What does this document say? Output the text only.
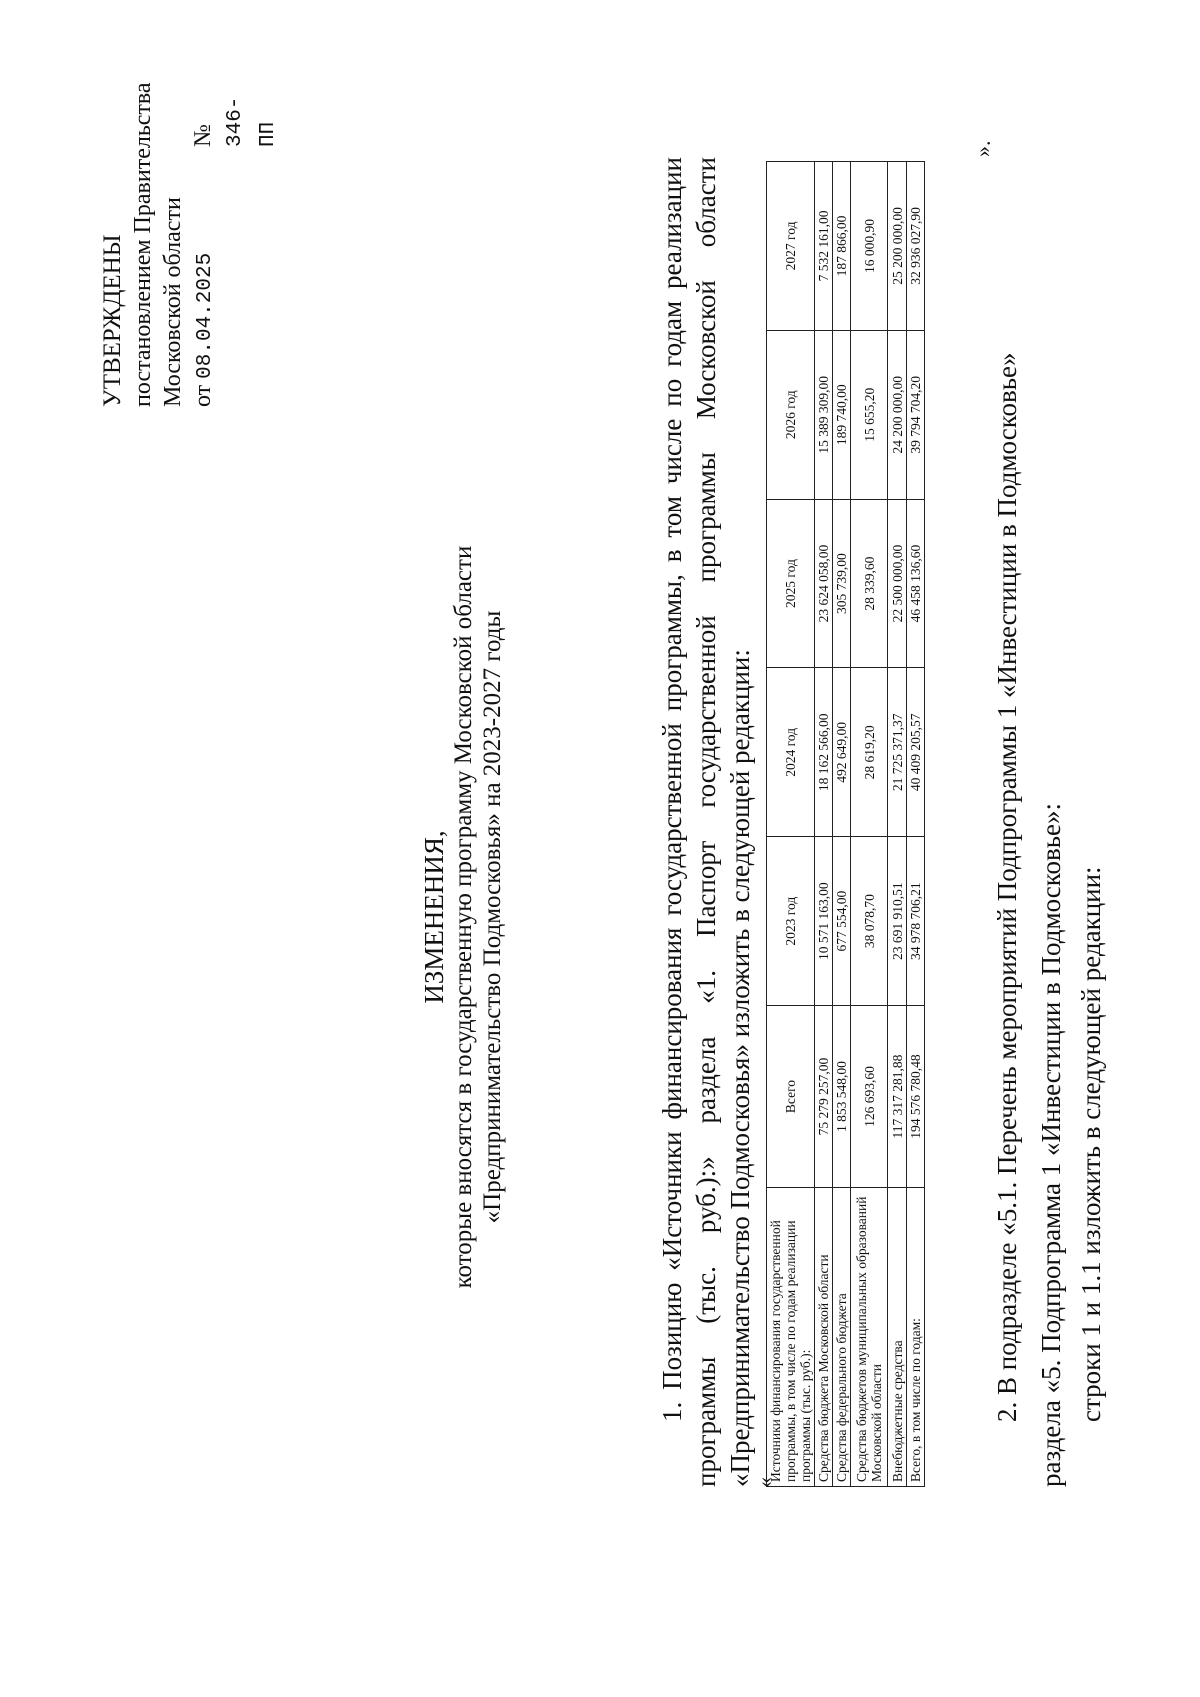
УТВЕРЖДЕНЫ постановлением Правительства Московской области от 08.04.2025
№ 346-ПП
ИЗМЕНЕНИЯ, которые вносятся в государственную программу Московской области «Предпринимательство Подмосковья» на 2023-2027 годы	1. Позицию «Источники финансирования государственной программы, в том числе по годам реализации программы (тыс. руб.):» раздела «1. Паспорт государственной программы Московской области «Предпринимательство Подмосковья» изложить в следующей редакции:
«
Источники финансирования государственной программы, в том числе по годам реализации программы (тыс. руб.):	Всего	2023 год	2024 год	2025 год	2026 год	2027 год
Средства бюджета Московской области	75 279 257,00	10 571 163,00	18 162 566,00	23 624 058,00	15 389 309,00	7 532 161,00
Средства федерального бюджета	1 853 548,00	677 554,00	492 649,00	305 739,00	189 740,00	187 866,00
Средства бюджетов муниципальных образований Московской области	126 693,60	38 078,70	28 619,20	28 339,60	15 655,20	16 000,90
Внебюджетные средства	117 317 281,88	23 691 910,51	21 725 371,37	22 500 000,00	24 200 000,00	25 200 000,00
Всего, в том числе по годам:	194 576 780,48	34 978 706,21	40 409 205,57	46 458 136,60	39 794 704,20	32 936 027,90
».
2. В подразделе «5.1. Перечень мероприятий Подпрограммы 1 «Инвестиции в Подмосковье» раздела «5. Подпрограмма 1 «Инвестиции в Подмосковье»: строки 1 и 1.1 изложить в следующей редакции:
